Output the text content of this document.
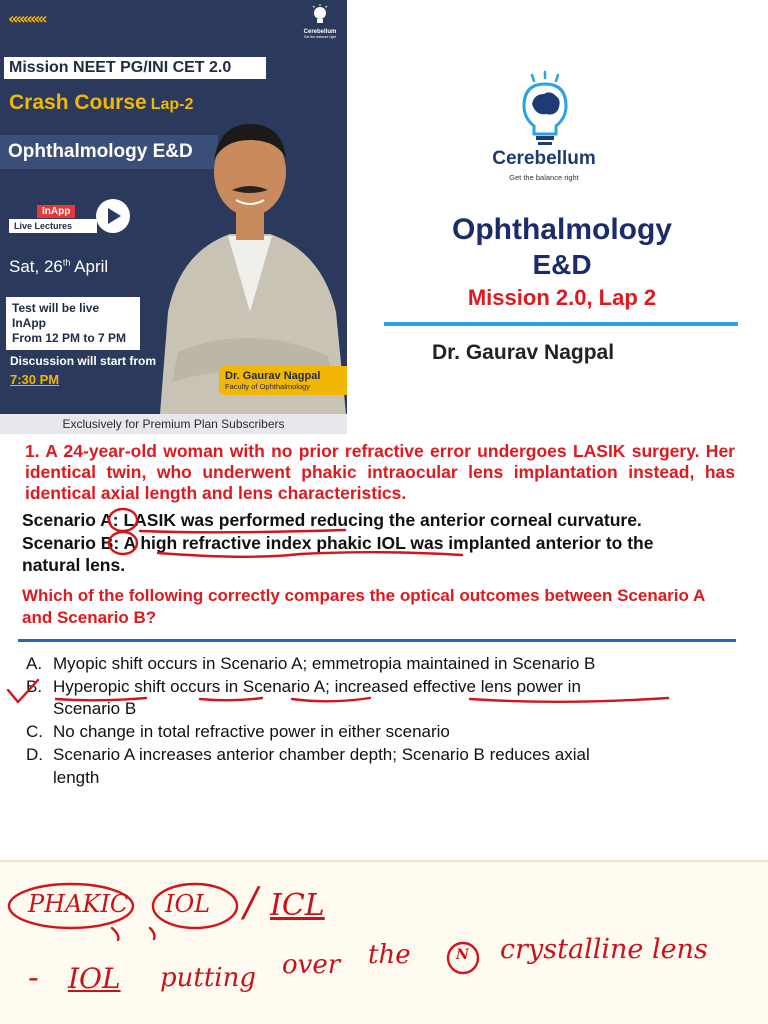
«««««
Cerebellum
Get the balance right
Mission NEET PG/INI CET 2.0
Crash Course Lap-2
Ophthalmology E&D
InApp
Live Lectures
Sat, 26th April
Test will be live InApp
From 12 PM to 7 PM
Discussion will start from
7:30 PM	Dr. Gaurav Nagpal
Faculty of Ophthalmology
Exclusively for Premium Plan Subscribers
Cerebellum
Get the balance right
Ophthalmology
E&D
Mission 2.0, Lap 2
Dr. Gaurav Nagpal
1. A 24-year-old woman with no prior refractive error undergoes LASIK surgery. Her identical twin, who underwent phakic intraocular lens implantation instead, has identical axial length and lens characteristics.
Scenario A: LASIK was performed reducing the anterior corneal curvature.
Scenario B: A high refractive index phakic IOL was implanted anterior to the
natural lens.
Which of the following correctly compares the optical outcomes between Scenario A and Scenario B?
A. Myopic shift occurs in Scenario A; emmetropia maintained in Scenario B
B. Hyperopic shift occurs in Scenario A; increased effective lens power in
Scenario B
C. No change in total refractive power in either scenario
D. Scenario A increases anterior chamber depth; Scenario B reduces axial
length
PHAKIC IOL / ICL
- IOL putting over the	N crystalline lens
